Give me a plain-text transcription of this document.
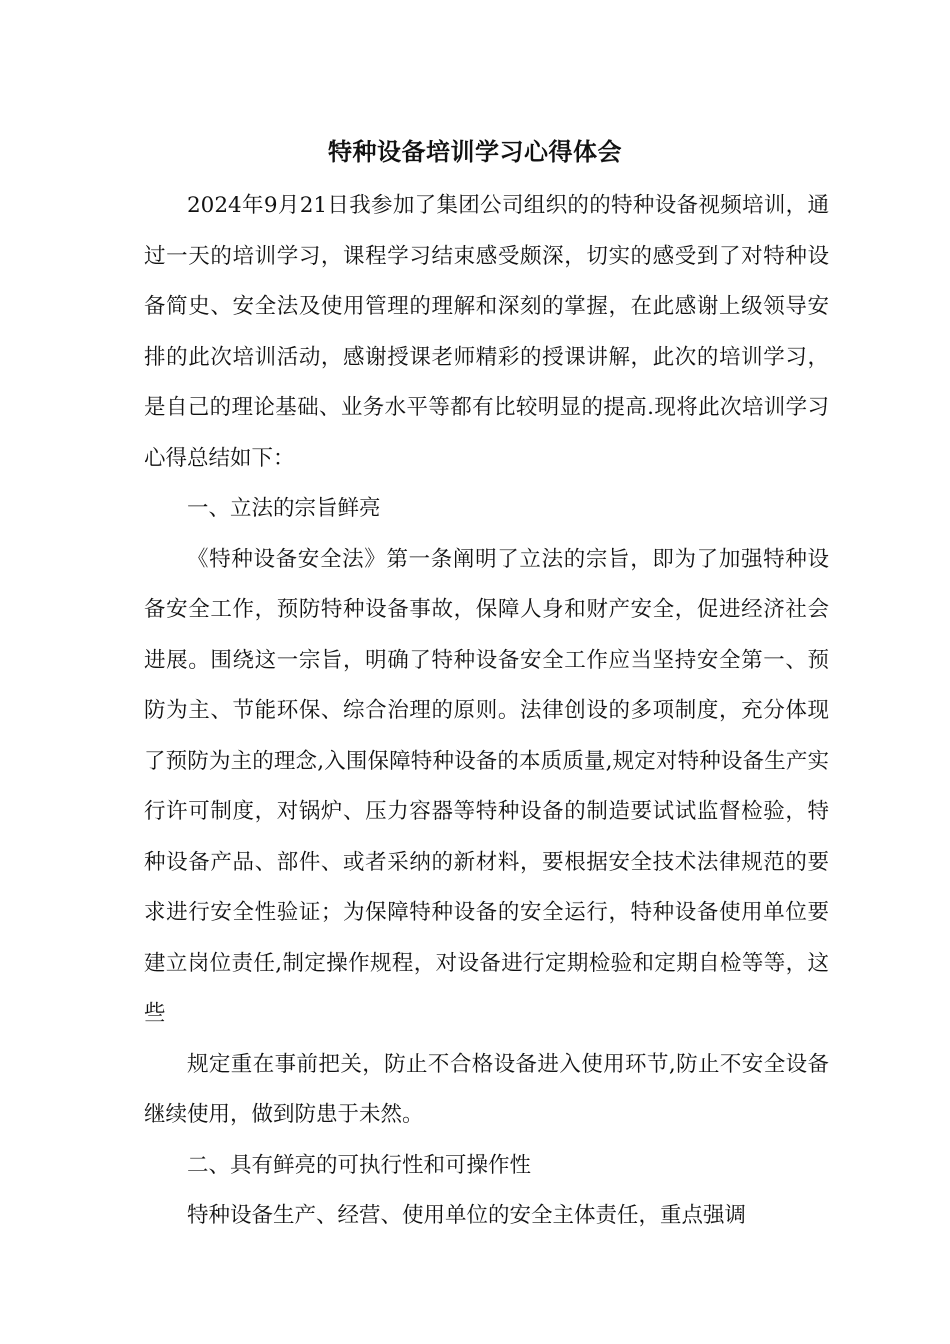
特种设备培训学习心得体会

2024年9月21日我参加了集团公司组织的的特种设备视频培训，通过一天的培训学习，课程学习结束感受颇深，切实的感受到了对特种设备简史、安全法及使用管理的理解和深刻的掌握，在此感谢上级领导安排的此次培训活动，感谢授课老师精彩的授课讲解，此次的培训学习，是自己的理论基础、业务水平等都有比较明显的提高.现将此次培训学习心得总结如下：

一、立法的宗旨鲜亮

《特种设备安全法》第一条阐明了立法的宗旨，即为了加强特种设备安全工作，预防特种设备事故，保障人身和财产安全，促进经济社会进展。围绕这一宗旨，明确了特种设备安全工作应当坚持安全第一、预防为主、节能环保、综合治理的原则。法律创设的多项制度，充分体现了预防为主的理念,入围保障特种设备的本质质量,规定对特种设备生产实行许可制度，对锅炉、压力容器等特种设备的制造要试试监督检验，特种设备产品、部件、或者采纳的新材料，要根据安全技术法律规范的要求进行安全性验证；为保障特种设备的安全运行，特种设备使用单位要建立岗位责任,制定操作规程，对设备进行定期检验和定期自检等等，这些

规定重在事前把关，防止不合格设备进入使用环节,防止不安全设备继续使用，做到防患于未然。

二、具有鲜亮的可执行性和可操作性

特种设备生产、经营、使用单位的安全主体责任，重点强调
